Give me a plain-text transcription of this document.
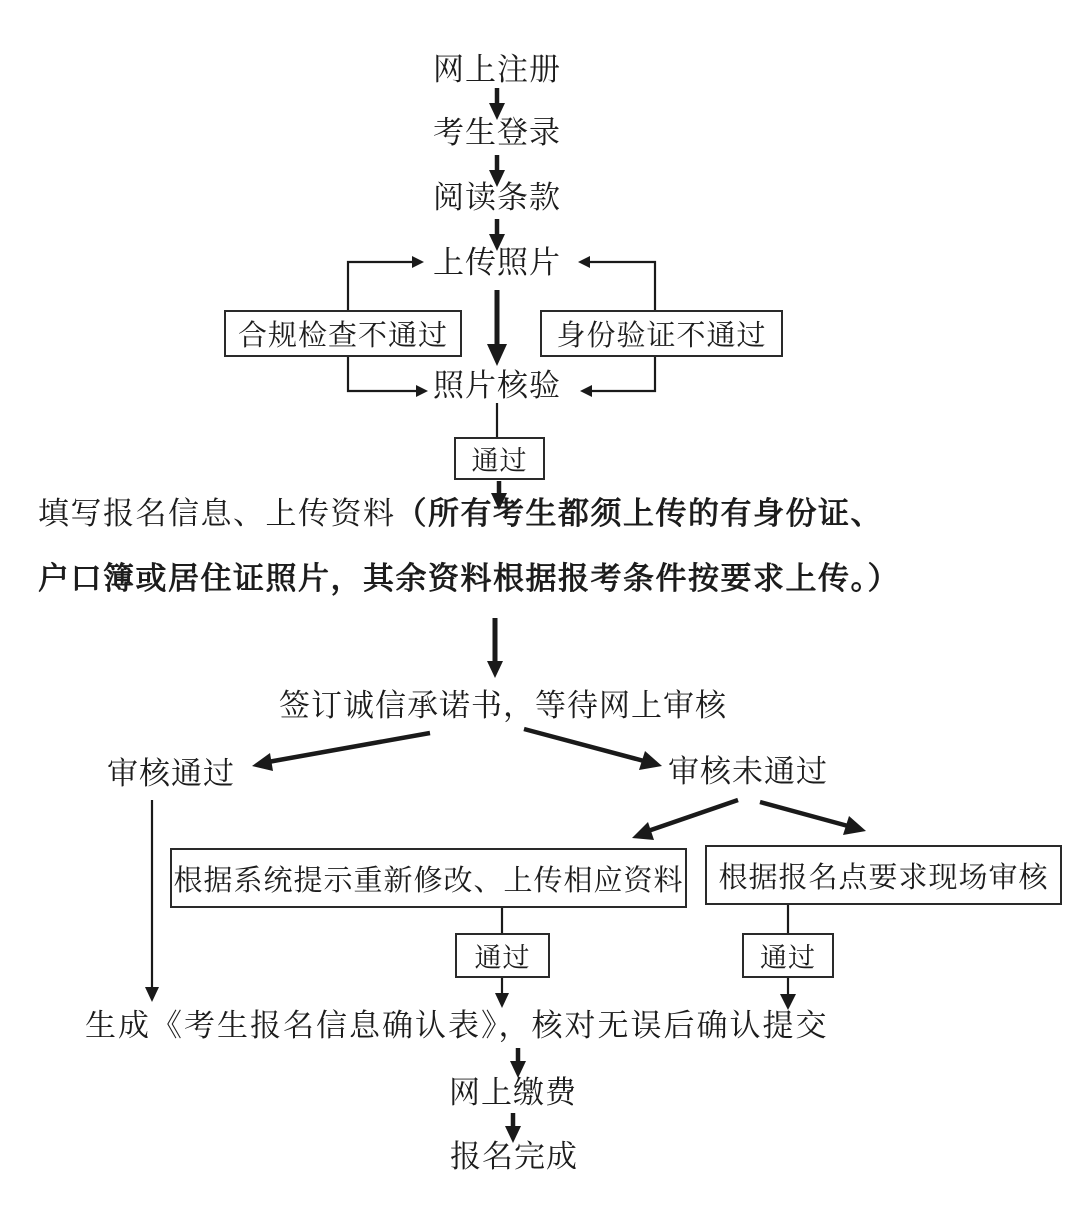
网上注册
考生登录
阅读条款
上传照片
照片核验
合规检查不通过	身份验证不通过
通过
填写报名信息、上传资料（所有考生都须上传的有身份证、
户口簿或居住证照片，其余资料根据报考条件按要求上传。）
签订诚信承诺书，等待网上审核
审核通过	审核未通过
根据系统提示重新修改、上传相应资料	根据报名点要求现场审核
通过	通过
生成《考生报名信息确认表》，核对无误后确认提交
网上缴费
报名完成
